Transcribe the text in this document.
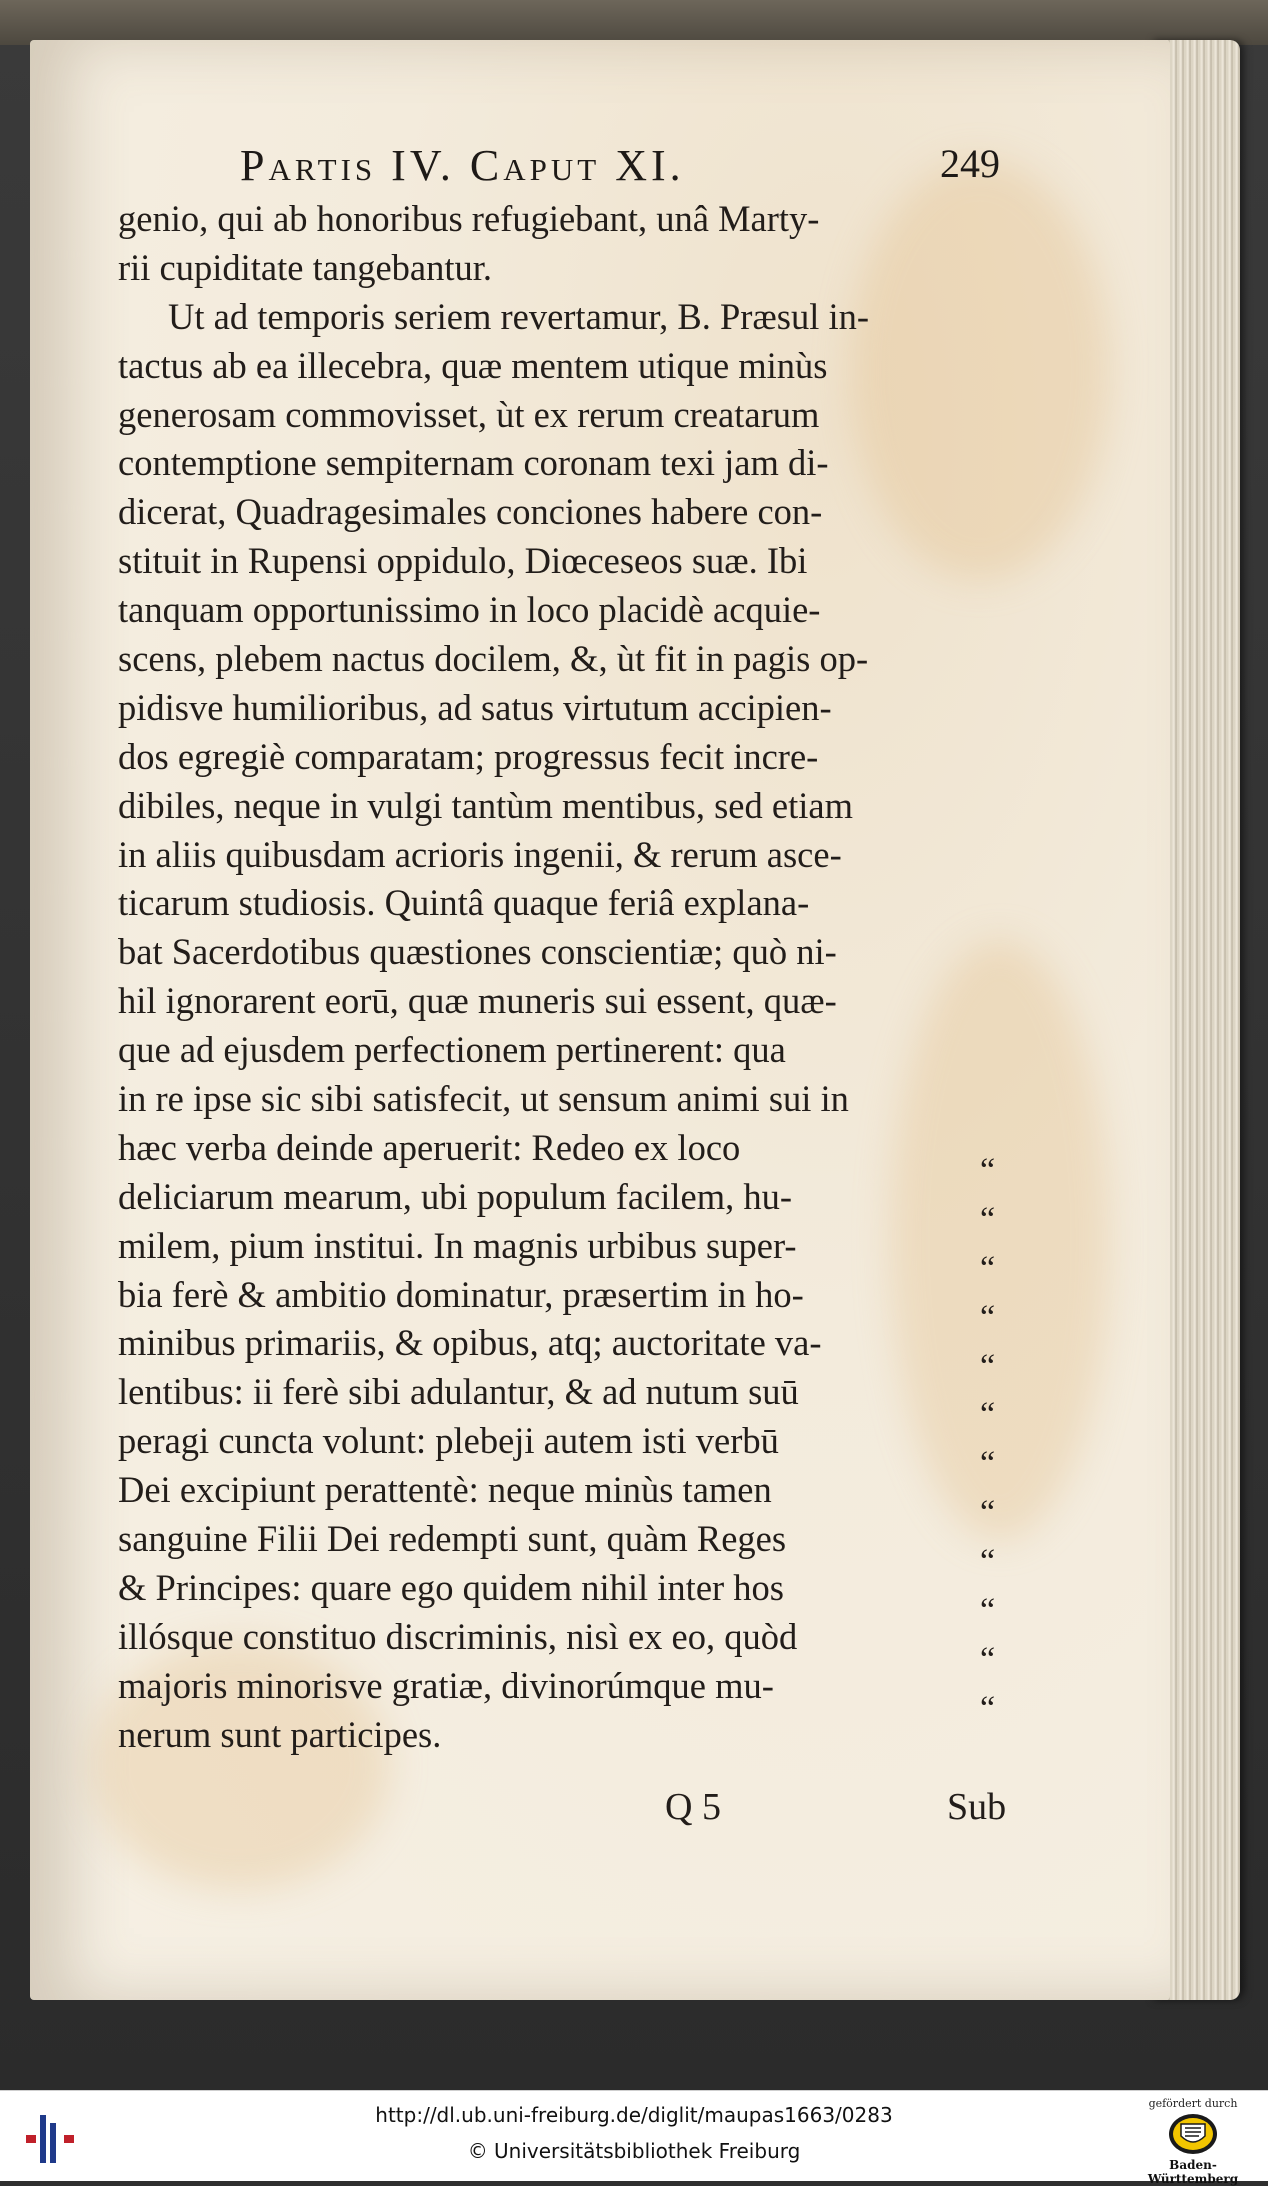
Partis IV. Caput XI.	249
genio, qui ab honoribus refugiebant, unâ Marty-
rii cupiditate tangebantur.
Ut ad temporis seriem revertamur, B. Præsul in-
tactus ab ea illecebra, quæ mentem utique minùs
generosam commovisset, ùt ex rerum creatarum
contemptione sempiternam coronam texi jam di-
dicerat, Quadragesimales conciones habere con-
stituit in Rupensi oppidulo, Diœceseos suæ. Ibi
tanquam opportunissimo in loco placidè acquie-
scens, plebem nactus docilem, &, ùt fit in pagis op-
pidisve humilioribus, ad satus virtutum accipien-
dos egregiè comparatam; progressus fecit incre-
dibiles, neque in vulgi tantùm mentibus, sed etiam
in aliis quibusdam acrioris ingenii, & rerum asce-
ticarum studiosis. Quintâ quaque feriâ explana-
bat Sacerdotibus quæstiones conscientiæ; quò ni-
hil ignorarent eorū, quæ muneris sui essent, quæ-
que ad ejusdem perfectionem pertinerent: qua
in re ipse sic sibi satisfecit, ut sensum animi sui in
hæc verba deinde aperuerit: Redeo ex loco
deliciarum mearum, ubi populum facilem, hu-
milem, pium institui. In magnis urbibus super-
bia ferè & ambitio dominatur, præsertim in ho-
minibus primariis, & opibus, atq; auctoritate va-
lentibus: ii ferè sibi adulantur, & ad nutum suū
peragi cuncta volunt: plebeji autem isti verbū
Dei excipiunt perattentè: neque minùs tamen
sanguine Filii Dei redempti sunt, quàm Reges
& Principes: quare ego quidem nihil inter hos
illósque constituo discriminis, nisì ex eo, quòd
majoris minorisve gratiæ, divinorúmque mu-
nerum sunt participes.
“
“
“
“
“
“
“
“
“
“
“
“
Q 5	Sub
http://dl.ub.uni-freiburg.de/diglit/maupas1663/0283
© Universitätsbibliothek Freiburg
gefördert durch
Baden-Württemberg
